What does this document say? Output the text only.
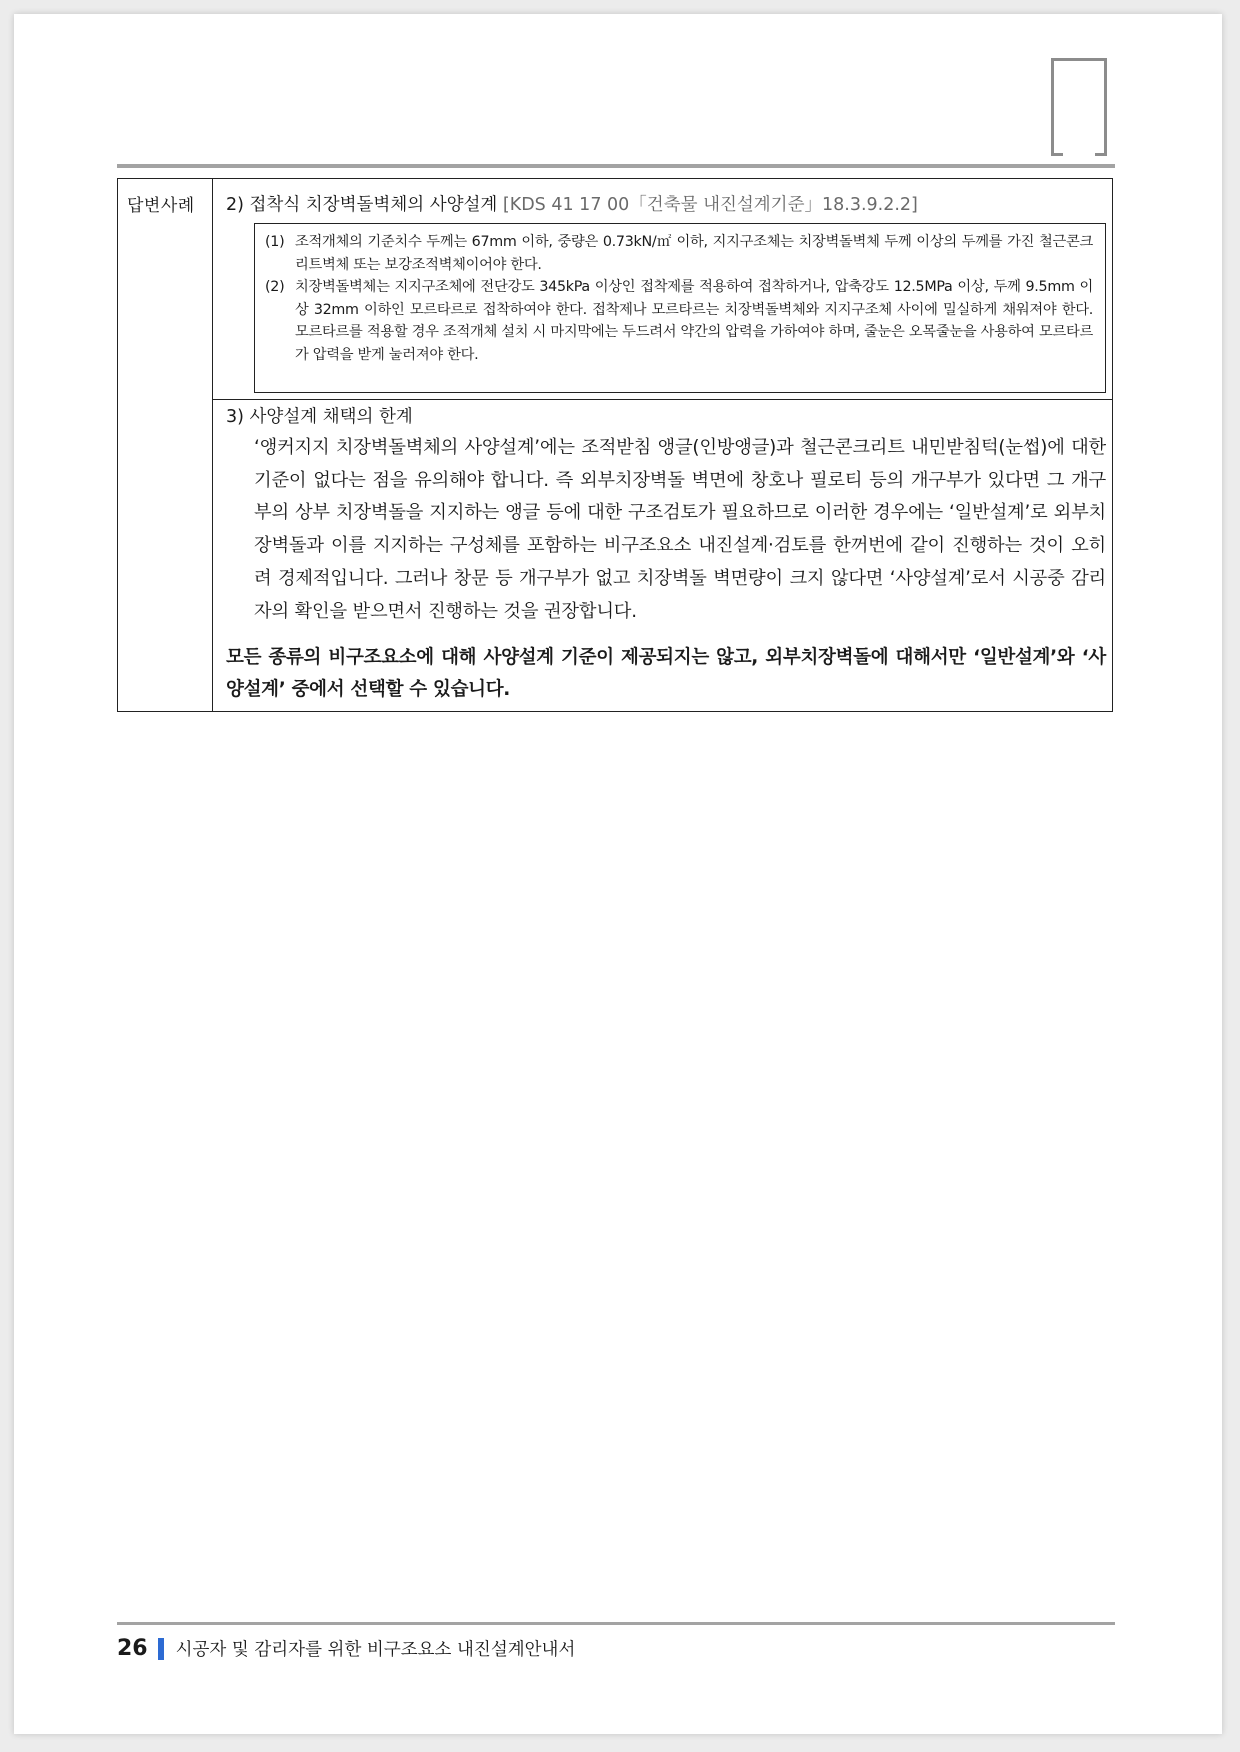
답변사례 2) 접착식 치장벽돌벽체의 사양설계 [KDS 41 17 00「건축물 내진설계기준」18.3.9.2.2]
(1) 조적개체의 기준치수 두께는 67mm 이하, 중량은 0.73kN/㎡ 이하, 지지구조체는 치장벽돌벽체 두께 이상의 두께를 가진 철근콘크리트벽체 또는 보강조적벽체이어야 한다.
(2) 치장벽돌벽체는 지지구조체에 전단강도 345kPa 이상인 접착제를 적용하여 접착하거나, 압축강도 12.5MPa 이상, 두께 9.5mm 이상 32mm 이하인 모르타르로 접착하여야 한다. 접착제나 모르타르는 치장벽돌벽체와 지지구조체 사이에 밀실하게 채워져야 한다. 모르타르를 적용할 경우 조적개체 설치 시 마지막에는 두드려서 약간의 압력을 가하여야 하며, 줄눈은 오목줄눈을 사용하여 모르타르가 압력을 받게 눌러져야 한다.
3) 사양설계 채택의 한계
‘앵커지지 치장벽돌벽체의 사양설계’에는 조적받침 앵글(인방앵글)과 철근콘크리트 내민받침턱(눈썹)에 대한 기준이 없다는 점을 유의해야 합니다. 즉 외부치장벽돌 벽면에 창호나 필로티 등의 개구부가 있다면 그 개구부의 상부 치장벽돌을 지지하는 앵글 등에 대한 구조검토가 필요하므로 이러한 경우에는 ‘일반설계’로 외부치장벽돌과 이를 지지하는 구성체를 포함하는 비구조요소 내진설계·검토를 한꺼번에 같이 진행하는 것이 오히려 경제적입니다. 그러나 창문 등 개구부가 없고 치장벽돌 벽면량이 크지 않다면 ‘사양설계’로서 시공중 감리자의 확인을 받으면서 진행하는 것을 권장합니다.
모든 종류의 비구조요소에 대해 사양설계 기준이 제공되지는 않고, 외부치장벽돌에 대해서만 ‘일반설계’와 ‘사양설계’ 중에서 선택할 수 있습니다.
26 시공자 및 감리자를 위한 비구조요소 내진설계안내서
